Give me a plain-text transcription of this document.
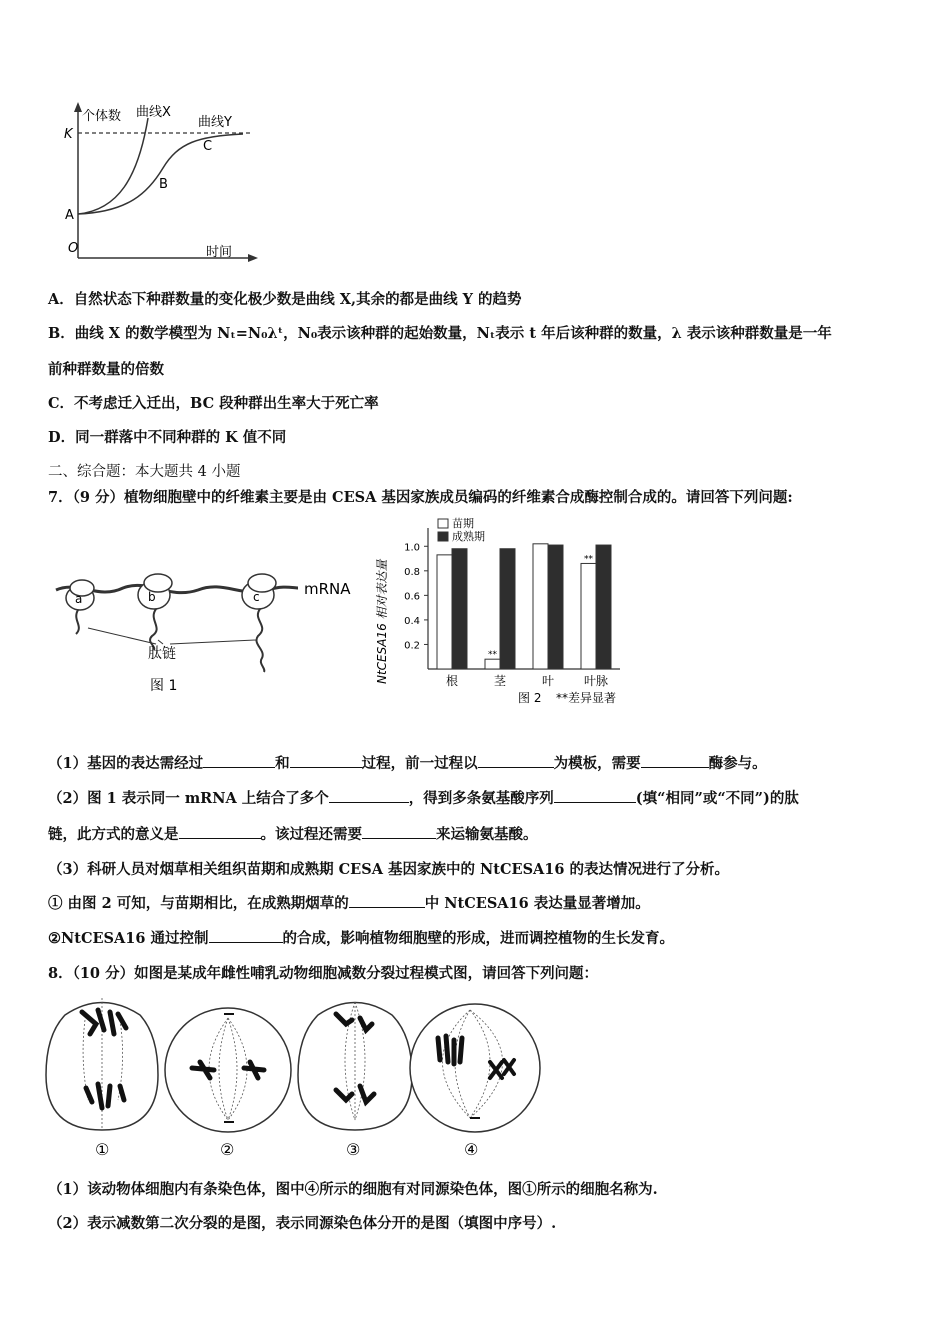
个体数 曲线X
曲线Y
K
C
B
A
O	时间
A．自然状态下种群数量的变化极少数是曲线 X,其余的都是曲线 Y 的趋势
B．曲线 X 的数学模型为 Nₜ=N₀λᵗ，N₀表示该种群的起始数量，Nₜ表示 t 年后该种群的数量，λ 表示该种群数量是一年
前种群数量的倍数
C．不考虑迁入迁出，BC 段种群出生率大于死亡率
D．同一群落中不同种群的 K 值不同
二、综合题：本大题共 4 小题
7．（9 分）植物细胞壁中的纤维素主要是由 CESA 基因家族成员编码的纤维素合成酶控制合成的。请回答下列问题:
a	b	c	mRNA
肽链
图 1
NtCESA16 相对表达量 0.2
0.4
0.6
0.8
1.0
根
**
茎	叶
**
叶脉
苗期
成熟期
图 2 **差异显著
（1）基因的表达需经过	和	过程，前一过程以	为模板，需要	酶参与。
（2）图 1 表示同一 mRNA 上结合了多个	，得到多条氨基酸序列	(填“相同”或“不同”)的肽
链，此方式的意义是	。该过程还需要	来运输氨基酸。
（3）科研人员对烟草相关组织苗期和成熟期 CESA 基因家族中的 NtCESA16 的表达情况进行了分析。
① 由图 2 可知，与苗期相比，在成熟期烟草的	中 NtCESA16 表达量显著增加。
②NtCESA16 通过控制	的合成，影响植物细胞壁的形成，进而调控植物的生长发育。
8．（10 分）如图是某成年雌性哺乳动物细胞减数分裂过程模式图，请回答下列问题：
①	②	③	④
（1）该动物体细胞内有条染色体，图中④所示的细胞有对同源染色体，图①所示的细胞名称为.
（2）表示减数第二次分裂的是图，表示同源染色体分开的是图（填图中序号）.
